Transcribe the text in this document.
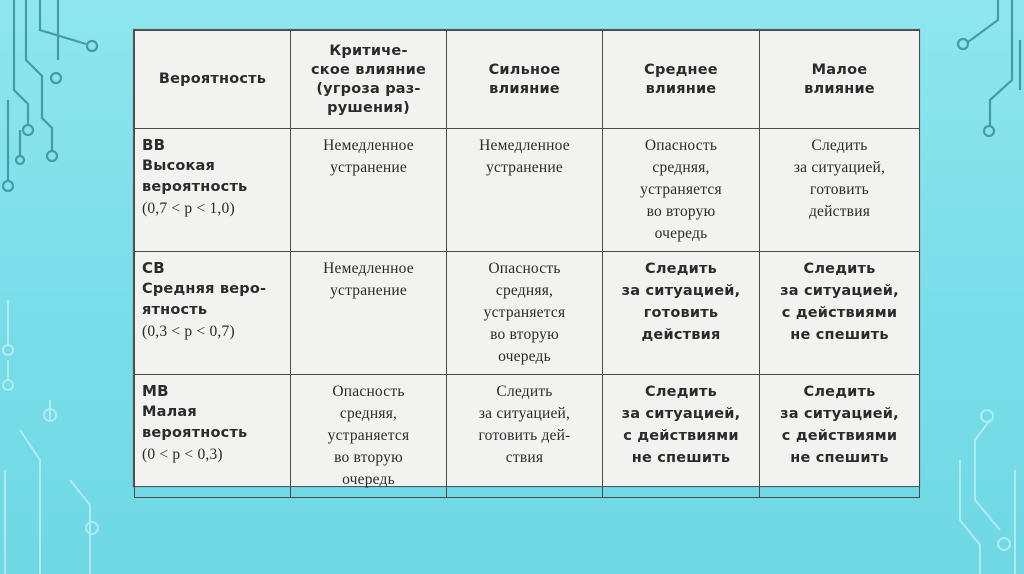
Вероятность	Критиче-
ское влияние
(угроза раз-
рушения)	Сильное
влияние	Среднее
влияние	Малое
влияние

ВВ
Высокая
вероятность
(0,7 < p < 1,0)	Немедленное
устранение	Немедленное
устранение	Опасность
средняя,
устраняется
во вторую
очередь	Следить
за ситуацией,
готовить
действия

СВ
Средняя веро-
ятность
(0,3 < p < 0,7)	Немедленное
устранение	Опасность
средняя,
устраняется
во вторую
очередь	Следить
за ситуацией,
готовить
действия	Следить
за ситуацией,
с действиями
не спешить

МВ
Малая
вероятность
(0 < p < 0,3)	Опасность
средняя,
устраняется
во вторую
очередь	Следить
за ситуацией,
готовить дей-
ствия	Следить
за ситуацией,
с действиями
не спешить	Следить
за ситуацией,
с действиями
не спешить
